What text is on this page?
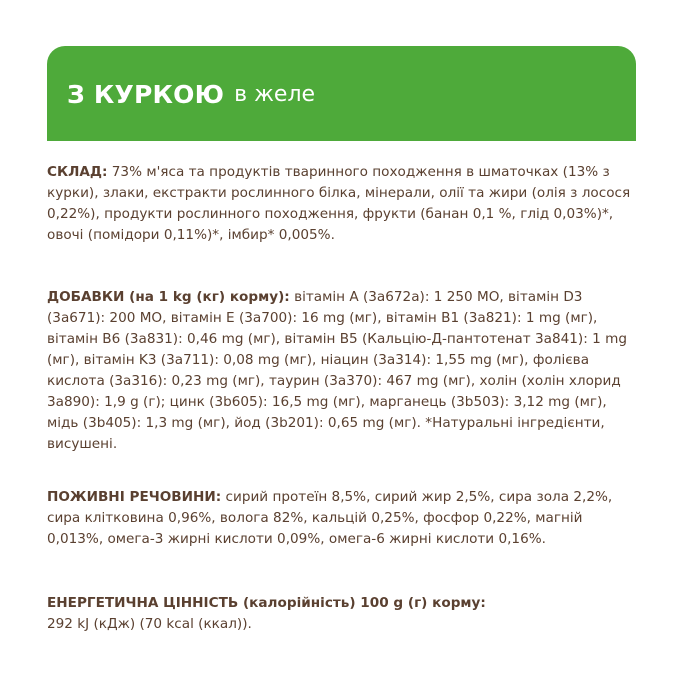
З КУРКОЮ в желе

СКЛАД: 73% м'яса та продуктів тваринного походження в шматочках (13% з курки), злаки, екстракти рослинного білка, мінерали, олії та жири (олія з лосося 0,22%), продукти рослинного походження, фрукти (банан 0,1 %, глід 0,03%)*, овочі (помідори 0,11%)*, імбир* 0,005%.

ДОБАВКИ (на 1 kg (кг) корму): вітамін A (3a672a): 1 250 МО, вітамін D3 (3a671): 200 МО, вітамін E (3a700): 16 mg (мг), вітамін B1 (3a821): 1 mg (мг), вітамін B6 (3a831): 0,46 mg (мг), вітамін B5 (Кальцію-Д-пантотенат 3a841): 1 mg (мг), вітамін K3 (3a711): 0,08 mg (мг), ніацин (3a314): 1,55 mg (мг), фолієва кислота (3a316): 0,23 mg (мг), таурин (3a370): 467 mg (мг), холін (холін хлорид 3a890): 1,9 g (г); цинк (3b605): 16,5 mg (мг), марганець (3b503): 3,12 mg (мг), мідь (3b405): 1,3 mg (мг), йод (3b201): 0,65 mg (мг). *Натуральні інгредієнти, висушені.

ПОЖИВНІ РЕЧОВИНИ: сирий протеїн 8,5%, сирий жир 2,5%, сира зола 2,2%, сира клітковина 0,96%, волога 82%, кальцій 0,25%, фосфор 0,22%, магній 0,013%, омега-3 жирні кислоти 0,09%, омега-6 жирні кислоти 0,16%.

ЕНЕРГЕТИЧНА ЦІННІСТЬ (калорійність) 100 g (г) корму:
292 kJ (кДж) (70 kcal (ккал)).
